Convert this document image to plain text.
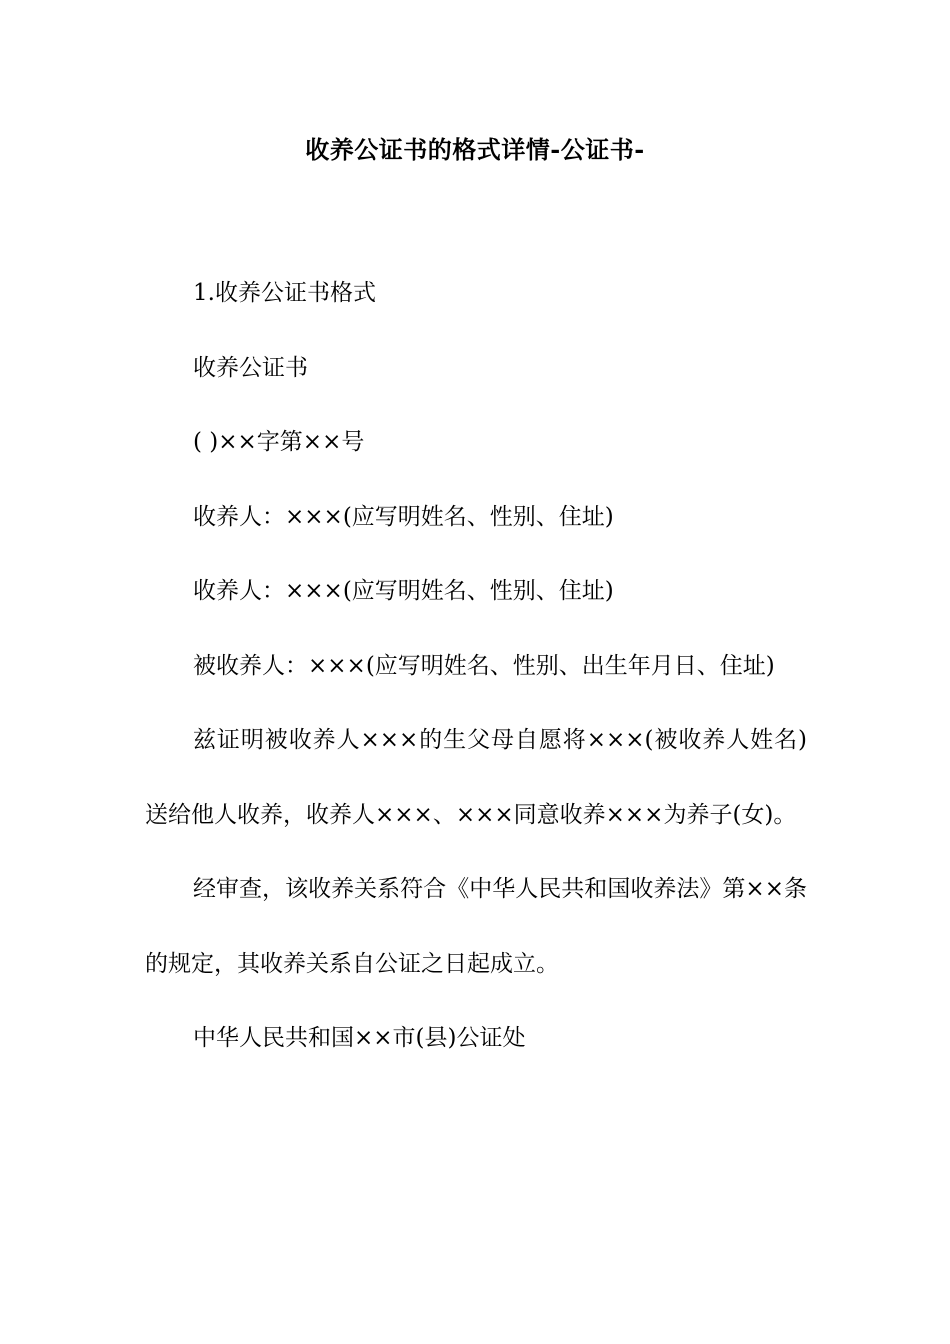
收养公证书的格式详情-公证书-

1.收养公证书格式

收养公证书

( )××字第××号

收养人：×××(应写明姓名、性别、住址)

收养人：×××(应写明姓名、性别、住址)

被收养人：×××(应写明姓名、性别、出生年月日、住址)

兹证明被收养人×××的生父母自愿将×××(被收养人姓名)送给他人收养，收养人×××、×××同意收养×××为养子(女)。

经审查，该收养关系符合《中华人民共和国收养法》第××条的规定，其收养关系自公证之日起成立。

中华人民共和国××市(县)公证处
